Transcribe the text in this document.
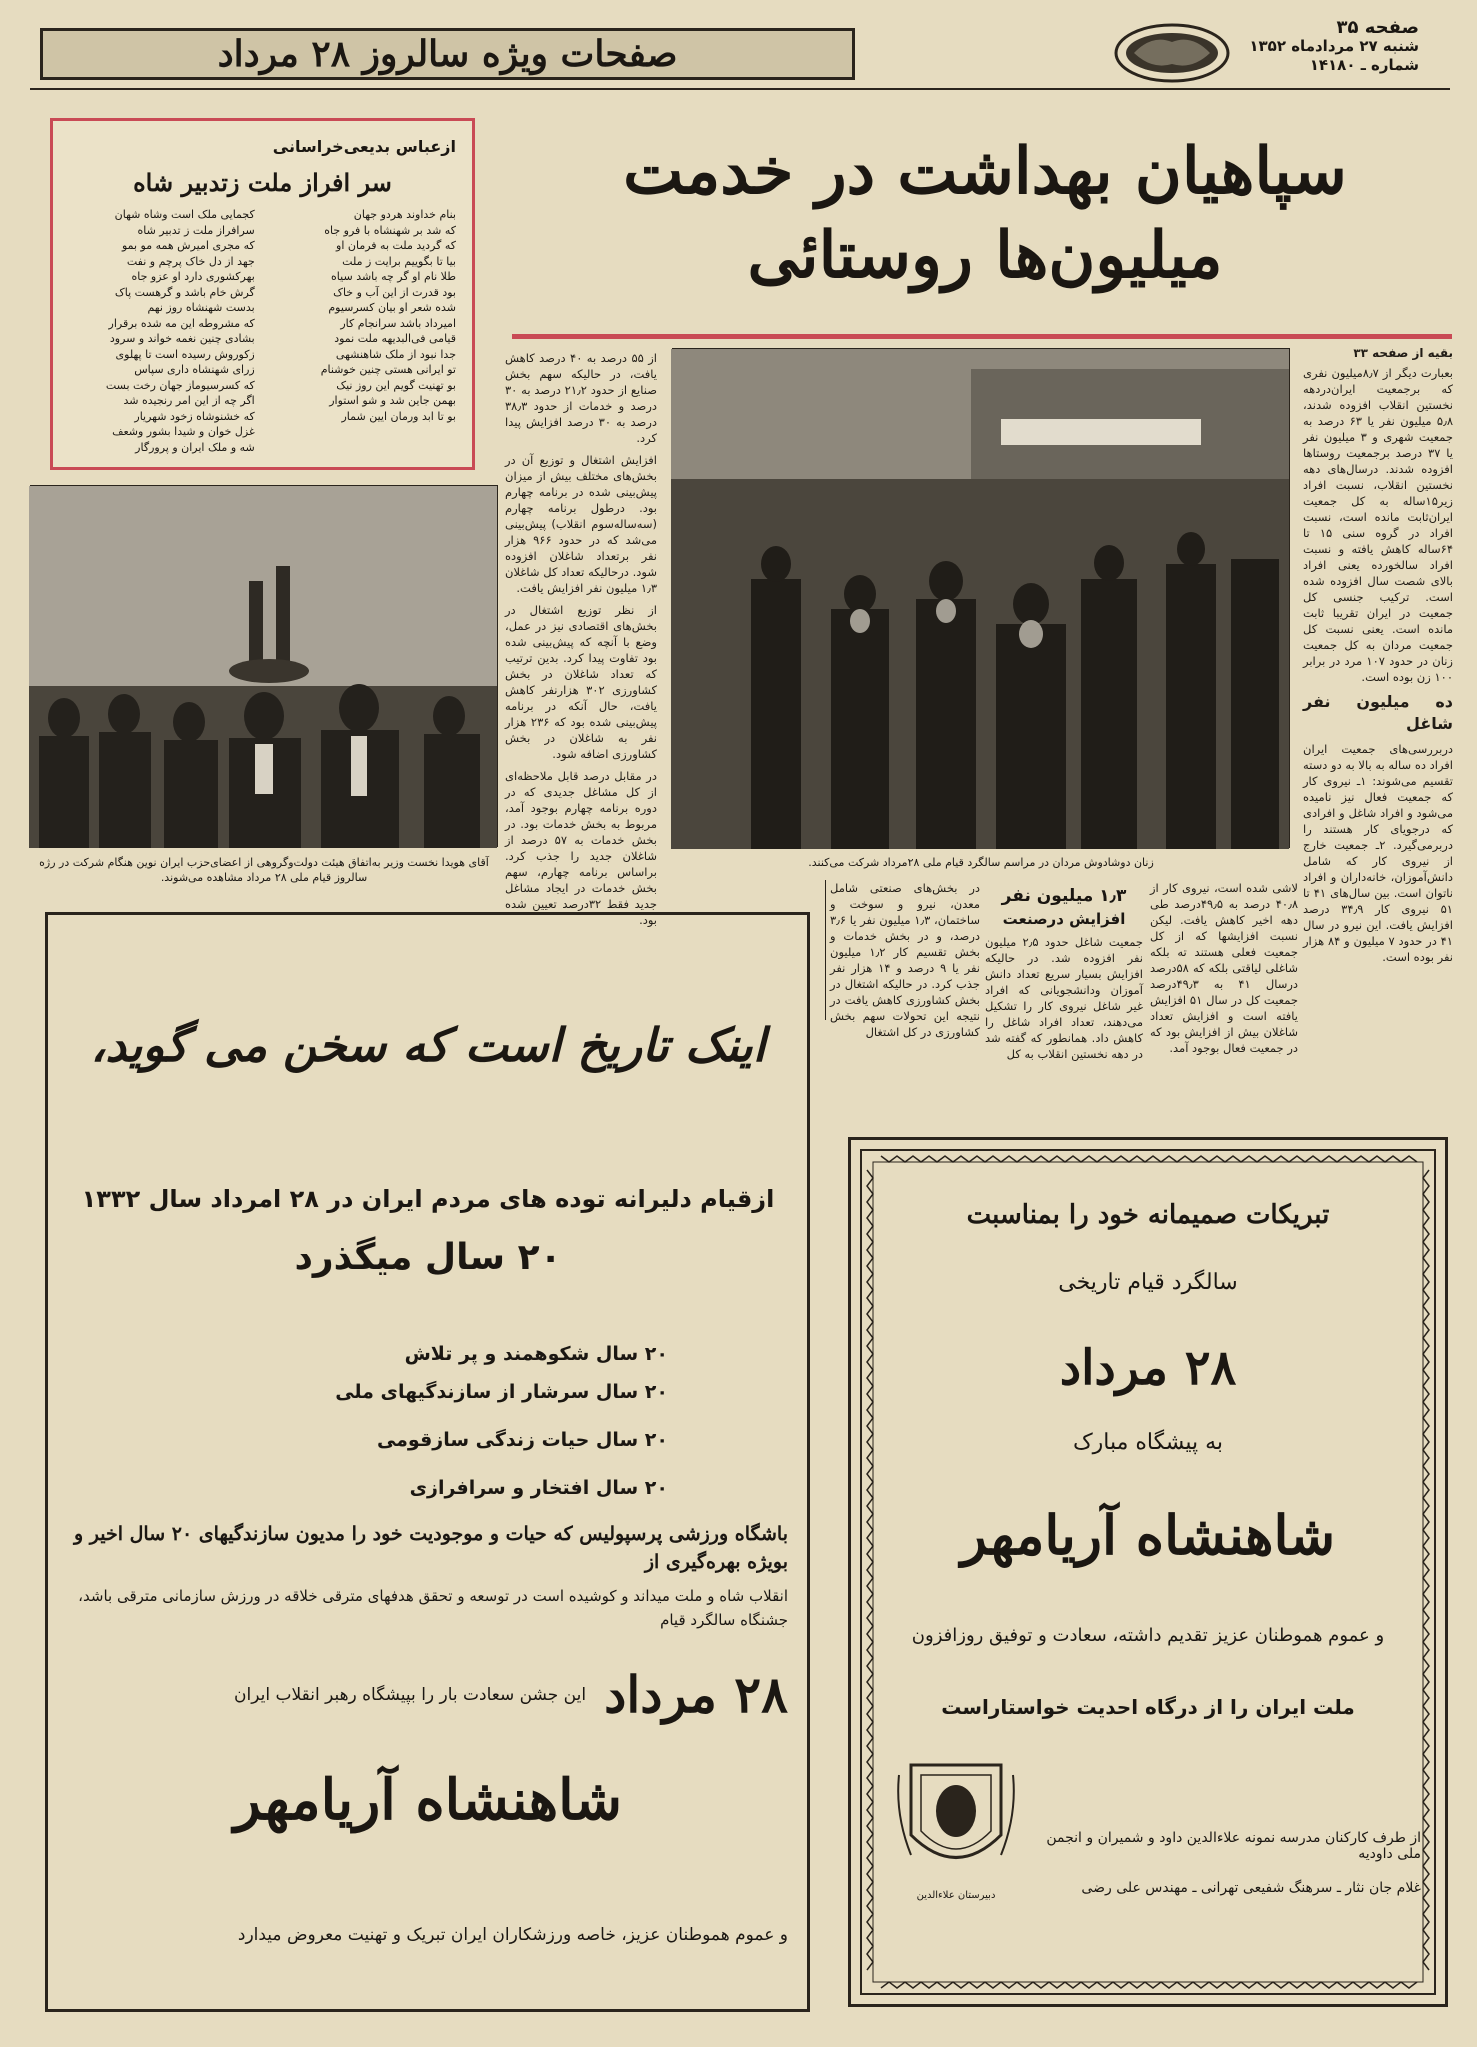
صفحه ۳۵
شنبه ۲۷ مردادماه ۱۳۵۲
شماره ـ ۱۴۱۸۰
صفحات ویژه سالروز ۲۸ مرداد
ازعباس بدیعی‌خراسانی
سر افراز ملت زتدبیر شاه
بنام خداوند هردو جهان
که شد بر شهنشاه با فرو جاه
که گردید ملت به فرمان او
بیا تا بگوییم برایت ز ملت
طلا نام او گر چه باشد سیاه
بود قدرت از این آب و خاک
شده شعر او بیان کسرسیوم
امیرداد باشد سرانجام کار
قیامی فی‌البدیهه ملت نمود
جدا نبود از ملک شاهنشهی
تو ایرانی هستی چنین خوشنام
بو تهنیت گویم این روز نیک
بهمن جاین شد و شو استوار
بو تا ابد ورمان ایین شمار
کجمایی ملک است وشاه شهان
سرافراز ملت ز تدبیر شاه
که مجری امیرش همه مو بمو
جهد از دل خاک پرچم و نفت
بهرکشوری دارد او عزو جاه
گرش خام باشد و گرهست پاک
بدست شهنشاه روز نهم
که مشروطه این مه شده برقرار
بشادی چنین نغمه خواند و سرود
زکوروش رسیده است تا پهلوی
زرای شهنشاه داری سپاس
که کسرسیوماز جهان رخت بست
اگر چه از این امر رنجیده شد
که خشنوشاه زخود شهریار
غزل خوان و شیدا بشور وشعف
شه و ملک ایران و پرورگار
سپاهیان بهداشت در خدمت
میلیون‌ها روستائی
آقای هویدا نخست وزیر به‌اتفاق هیئت دولت‌وگروهی از اعضای‌حزب ایران نوین هنگام شرکت در رژه سالروز قیام ملی ۲۸ مرداد مشاهده می‌شوند.

از ۵۵ درصد به ۴۰ درصد کاهش یافت، در حالیکه سهم بخش صنایع از حدود ۲۱٫۲ درصد به ۳۰ درصد و خدمات از حدود ۳۸٫۳ درصد به ۳۰ درصد افزایش پیدا کرد.

افزایش اشتغال و توزیع آن در بخش‌های مختلف بیش از میزان پیش‌بینی شده در برنامه چهارم بود. درطول برنامه چهارم (سه‌ساله‌سوم انقلاب) پیش‌بینی می‌شد که در حدود ۹۶۶ هزار نفر برتعداد شاغلان افزوده شود. درحالیکه تعداد کل شاغلان ۱٫۳ میلیون نفر افزایش یافت.

از نظر توزیع اشتغال در بخش‌های اقتصادی نیز در عمل، وضع با آنچه که پیش‌بینی شده بود تفاوت پیدا کرد. بدین ترتیب که تعداد شاغلان در بخش کشاورزی ۳۰۲ هزارنفر کاهش یافت، حال آنکه در برنامه پیش‌بینی شده بود که ۲۳۶ هزار نفر به شاغلان در بخش کشاورزی اضافه شود.

در مقابل درصد قابل ملاحظه‌ای از کل مشاغل جدیدی که در دوره برنامه چهارم بوجود آمد، مربوط به بخش خدمات بود. در بخش خدمات به ۵۷ درصد از شاغلان جدید را جذب کرد. براساس برنامه چهارم، سهم بخش خدمات در ایجاد مشاغل جدید فقط ۳۲درصد تعیین شده بود.

زنان دوشادوش مردان در مراسم سالگرد قیام ملی ۲۸مرداد شرکت می‌کنند.
بقیه از صفحه ۳۳

بعبارت دیگر از ۸٫۷میلیون نفری که برجمعیت ایران‌دردهه نخستین انقلاب افزوده شدند، ۵٫۸ میلیون نفر یا ۶۳ درصد به جمعیت شهری و ۳ میلیون نفر یا ۳۷ درصد برجمعیت روستاها افزوده شدند. درسال‌های دهه نخستین انقلاب، نسبت افراد زیر۱۵ساله به کل جمعیت ایران‌ثابت مانده است، نسبت افراد در گروه سنی ۱۵ تا ۶۴ساله کاهش یافته و نسبت افراد سالخورده یعنی افراد بالای شصت سال افزوده شده است. ترکیب جنسی کل جمعیت در ایران تقریبا ثابت مانده است. یعنی نسبت کل جمعیت مردان به کل جمعیت زنان در حدود ۱۰۷ مرد در برابر ۱۰۰ زن بوده است.

ده میلیون نفر شاغل

دربررسی‌های جمعیت ایران افراد ده ساله به بالا به دو دسته تقسیم می‌شوند: ۱ـ نیروی کار که جمعیت فعال نیز نامیده می‌شود و افراد شاغل و افرادی که درجویای کار هستند را دربرمی‌گیرد. ۲ـ جمعیت خارج از نیروی کار که شامل دانش‌آموزان، خانه‌داران و افراد ناتوان است. بین سال‌های ۴۱ تا ۵۱ نیروی کار ۳۴٫۹ درصد افزایش یافت. این نیرو در سال ۴۱ در حدود ۷ میلیون و ۸۴ هزار نفر بوده است.

لاشی شده است، نیروی کار از ۴۰٫۸ درصد به ۴۹٫۵درصد طی دهه اخیر کاهش یافت. لیکن نسبت افزایشها که از کل جمعیت فعلی هستند ته بلکه شاغلی لیاقتی بلکه که ۵۸درصد درسال ۴۱ به ۴۹٫۳درصد جمعیت کل در سال ۵۱ افزایش یافته است و افزایش تعداد شاغلان بیش از افزایش بود که در جمعیت فعال بوجود آمد.

۱٫۳ میلیون نفر
افزایش درصنعت

جمعیت شاغل حدود ۲٫۵ میلیون نفر افزوده شد. در حالیکه افزایش بسیار سریع تعداد دانش آموزان ودانشجویانی که افراد غیر شاغل نیروی کار را تشکیل می‌دهند، تعداد افراد شاغل را کاهش داد. همانطور که گفته شد در دهه نخستین انقلاب به کل

در بخش‌های صنعتی شامل معدن، نیرو و سوخت و ساختمان، ۱٫۳ میلیون نفر یا ۳٫۶ درصد، و در بخش خدمات و بخش تقسیم کار ۱٫۲ میلیون نفر یا ۹ درصد و ۱۴ هزار نفر جذب کرد. در حالیکه اشتغال در بخش کشاورزی کاهش یافت در نتیجه این تحولات سهم بخش کشاورزی در کل اشتغال

اینک تاریخ است که سخن می گوید،
ازقیام دلیرانه توده های مردم ایران در ۲۸ امرداد سال ۱۳۳۲
۲۰ سال میگذرد
۲۰ سال شکوهمند و پر تلاش
۲۰ سال سرشار از سازندگیهای ملی
۲۰ سال حیات زندگی سازقومی
۲۰ سال افتخار و سرافرازی
باشگاه ورزشی پرسپولیس که حیات و موجودیت خود را مدیون سازندگیهای ۲۰ سال اخیر و بویژه بهره‌گیری از
انقلاب شاه و ملت میداند و کوشیده است در توسعه و تحقق هدفهای مترقی خلاقه در ورزش سازمانی مترقی باشد، جشنگاه سالگرد قیام
۲۸ مرداد
این جشن سعادت بار را بپیشگاه رهبر انقلاب ایران
شاهنشاه آریامهر
و عموم هموطنان عزیز، خاصه ورزشکاران ایران تبریک و تهنیت معروض میدارد
تبریکات صمیمانه خود را بمناسبت
سالگرد قیام تاریخی
۲۸ مرداد
به پیشگاه مبارک
شاهنشاه آریامهر
و عموم هموطنان عزیز تقدیم داشته، سعادت و توفیق روزافزون
ملت ایران را از درگاه احدیت خواستاراست
دبیرستان علاءالدین
از طرف کارکنان مدرسه نمونه علاءالدین داود و شمیران و انجمن ملی داودیه
غلام جان نثار ـ سرهنگ شفیعی تهرانی ـ مهندس علی رضی
